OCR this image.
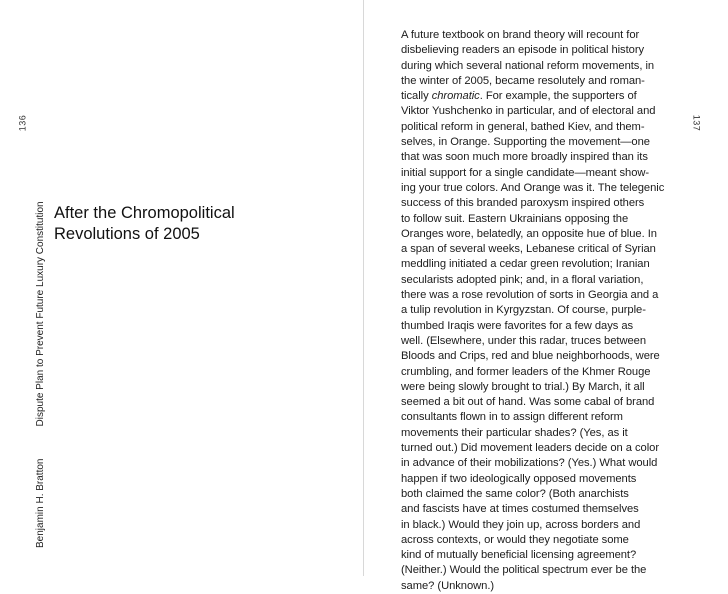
136
Benjamin H. Bratton
Dispute Plan to Prevent Future Luxury Constitution After the Chromopolitical
Revolutions of 2005
137
A future textbook on brand theory will recount for
disbelieving readers an episode in political history
during which several national reform movements, in
the winter of 2005, became resolutely and roman-
tically chromatic. For example, the supporters of
Viktor Yushchenko in particular, and of electoral and
political reform in general, bathed Kiev, and them-
selves, in Orange. Supporting the movement—one
that was soon much more broadly inspired than its
initial support for a single candidate—meant show-
ing your true colors. And Orange was it. The telegenic
success of this branded paroxysm inspired others
to follow suit. Eastern Ukrainians opposing the
Oranges wore, belatedly, an opposite hue of blue. In
a span of several weeks, Lebanese critical of Syrian
meddling initiated a cedar green revolution; Iranian
secularists adopted pink; and, in a floral variation,
there was a rose revolution of sorts in Georgia and a
a tulip revolution in Kyrgyzstan. Of course, purple-
thumbed Iraqis were favorites for a few days as
well. (Elsewhere, under this radar, truces between
Bloods and Crips, red and blue neighborhoods, were
crumbling, and former leaders of the Khmer Rouge
were being slowly brought to trial.) By March, it all
seemed a bit out of hand. Was some cabal of brand
consultants flown in to assign different reform
movements their particular shades? (Yes, as it
turned out.) Did movement leaders decide on a color
in advance of their mobilizations? (Yes.) What would
happen if two ideologically opposed movements
both claimed the same color? (Both anarchists
and fascists have at times costumed themselves
in black.) Would they join up, across borders and
across contexts, or would they negotiate some
kind of mutually beneficial licensing agreement?
(Neither.) Would the political spectrum ever be the
same? (Unknown.)
